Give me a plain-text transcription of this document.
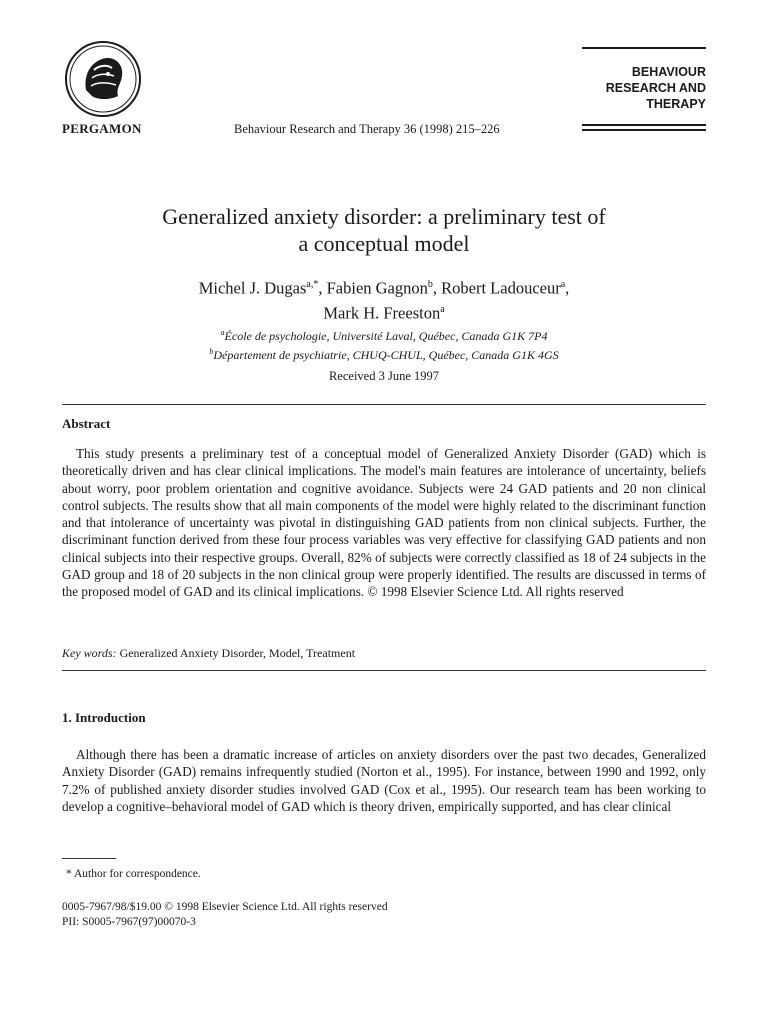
PERGAMON	Behaviour Research and Therapy 36 (1998) 215–226
BEHAVIOUR
RESEARCH AND
THERAPY
Generalized anxiety disorder: a preliminary test of
a conceptual model
Michel J. Dugas$^{a,*}$, Fabien Gagnon$^b$, Robert Ladouceur$^a$,
Mark H. Freeston$^a$
$^a$École de psychologie, Université Laval, Québec, Canada G1K 7P4
$^b$Département de psychiatrie, CHUQ-CHUL, Québec, Canada G1K 4GS
Received 3 June 1997
Abstract
This study presents a preliminary test of a conceptual model of Generalized Anxiety Disorder (GAD) which is theoretically driven and has clear clinical implications. The model's main features are intolerance of uncertainty, beliefs about worry, poor problem orientation and cognitive avoidance. Subjects were 24 GAD patients and 20 non clinical control subjects. The results show that all main components of the model were highly related to the discriminant function and that intolerance of uncertainty was pivotal in distinguishing GAD patients from non clinical subjects. Further, the discriminant function derived from these four process variables was very effective for classifying GAD patients and non clinical subjects into their respective groups. Overall, 82% of subjects were correctly classified as 18 of 24 subjects in the GAD group and 18 of 20 subjects in the non clinical group were properly identified. The results are discussed in terms of the proposed model of GAD and its clinical implications. © 1998 Elsevier Science Ltd. All rights reserved
Key words: Generalized Anxiety Disorder, Model, Treatment
1. Introduction
Although there has been a dramatic increase of articles on anxiety disorders over the past two decades, Generalized Anxiety Disorder (GAD) remains infrequently studied (Norton et al., 1995). For instance, between 1990 and 1992, only 7.2% of published anxiety disorder studies involved GAD (Cox et al., 1995). Our research team has been working to develop a cognitive–behavioral model of GAD which is theory driven, empirically supported, and has clear clinical
* Author for correspondence.
0005-7967/98/$19.00 © 1998 Elsevier Science Ltd. All rights reserved
PII: S0005-7967(97)00070-3
